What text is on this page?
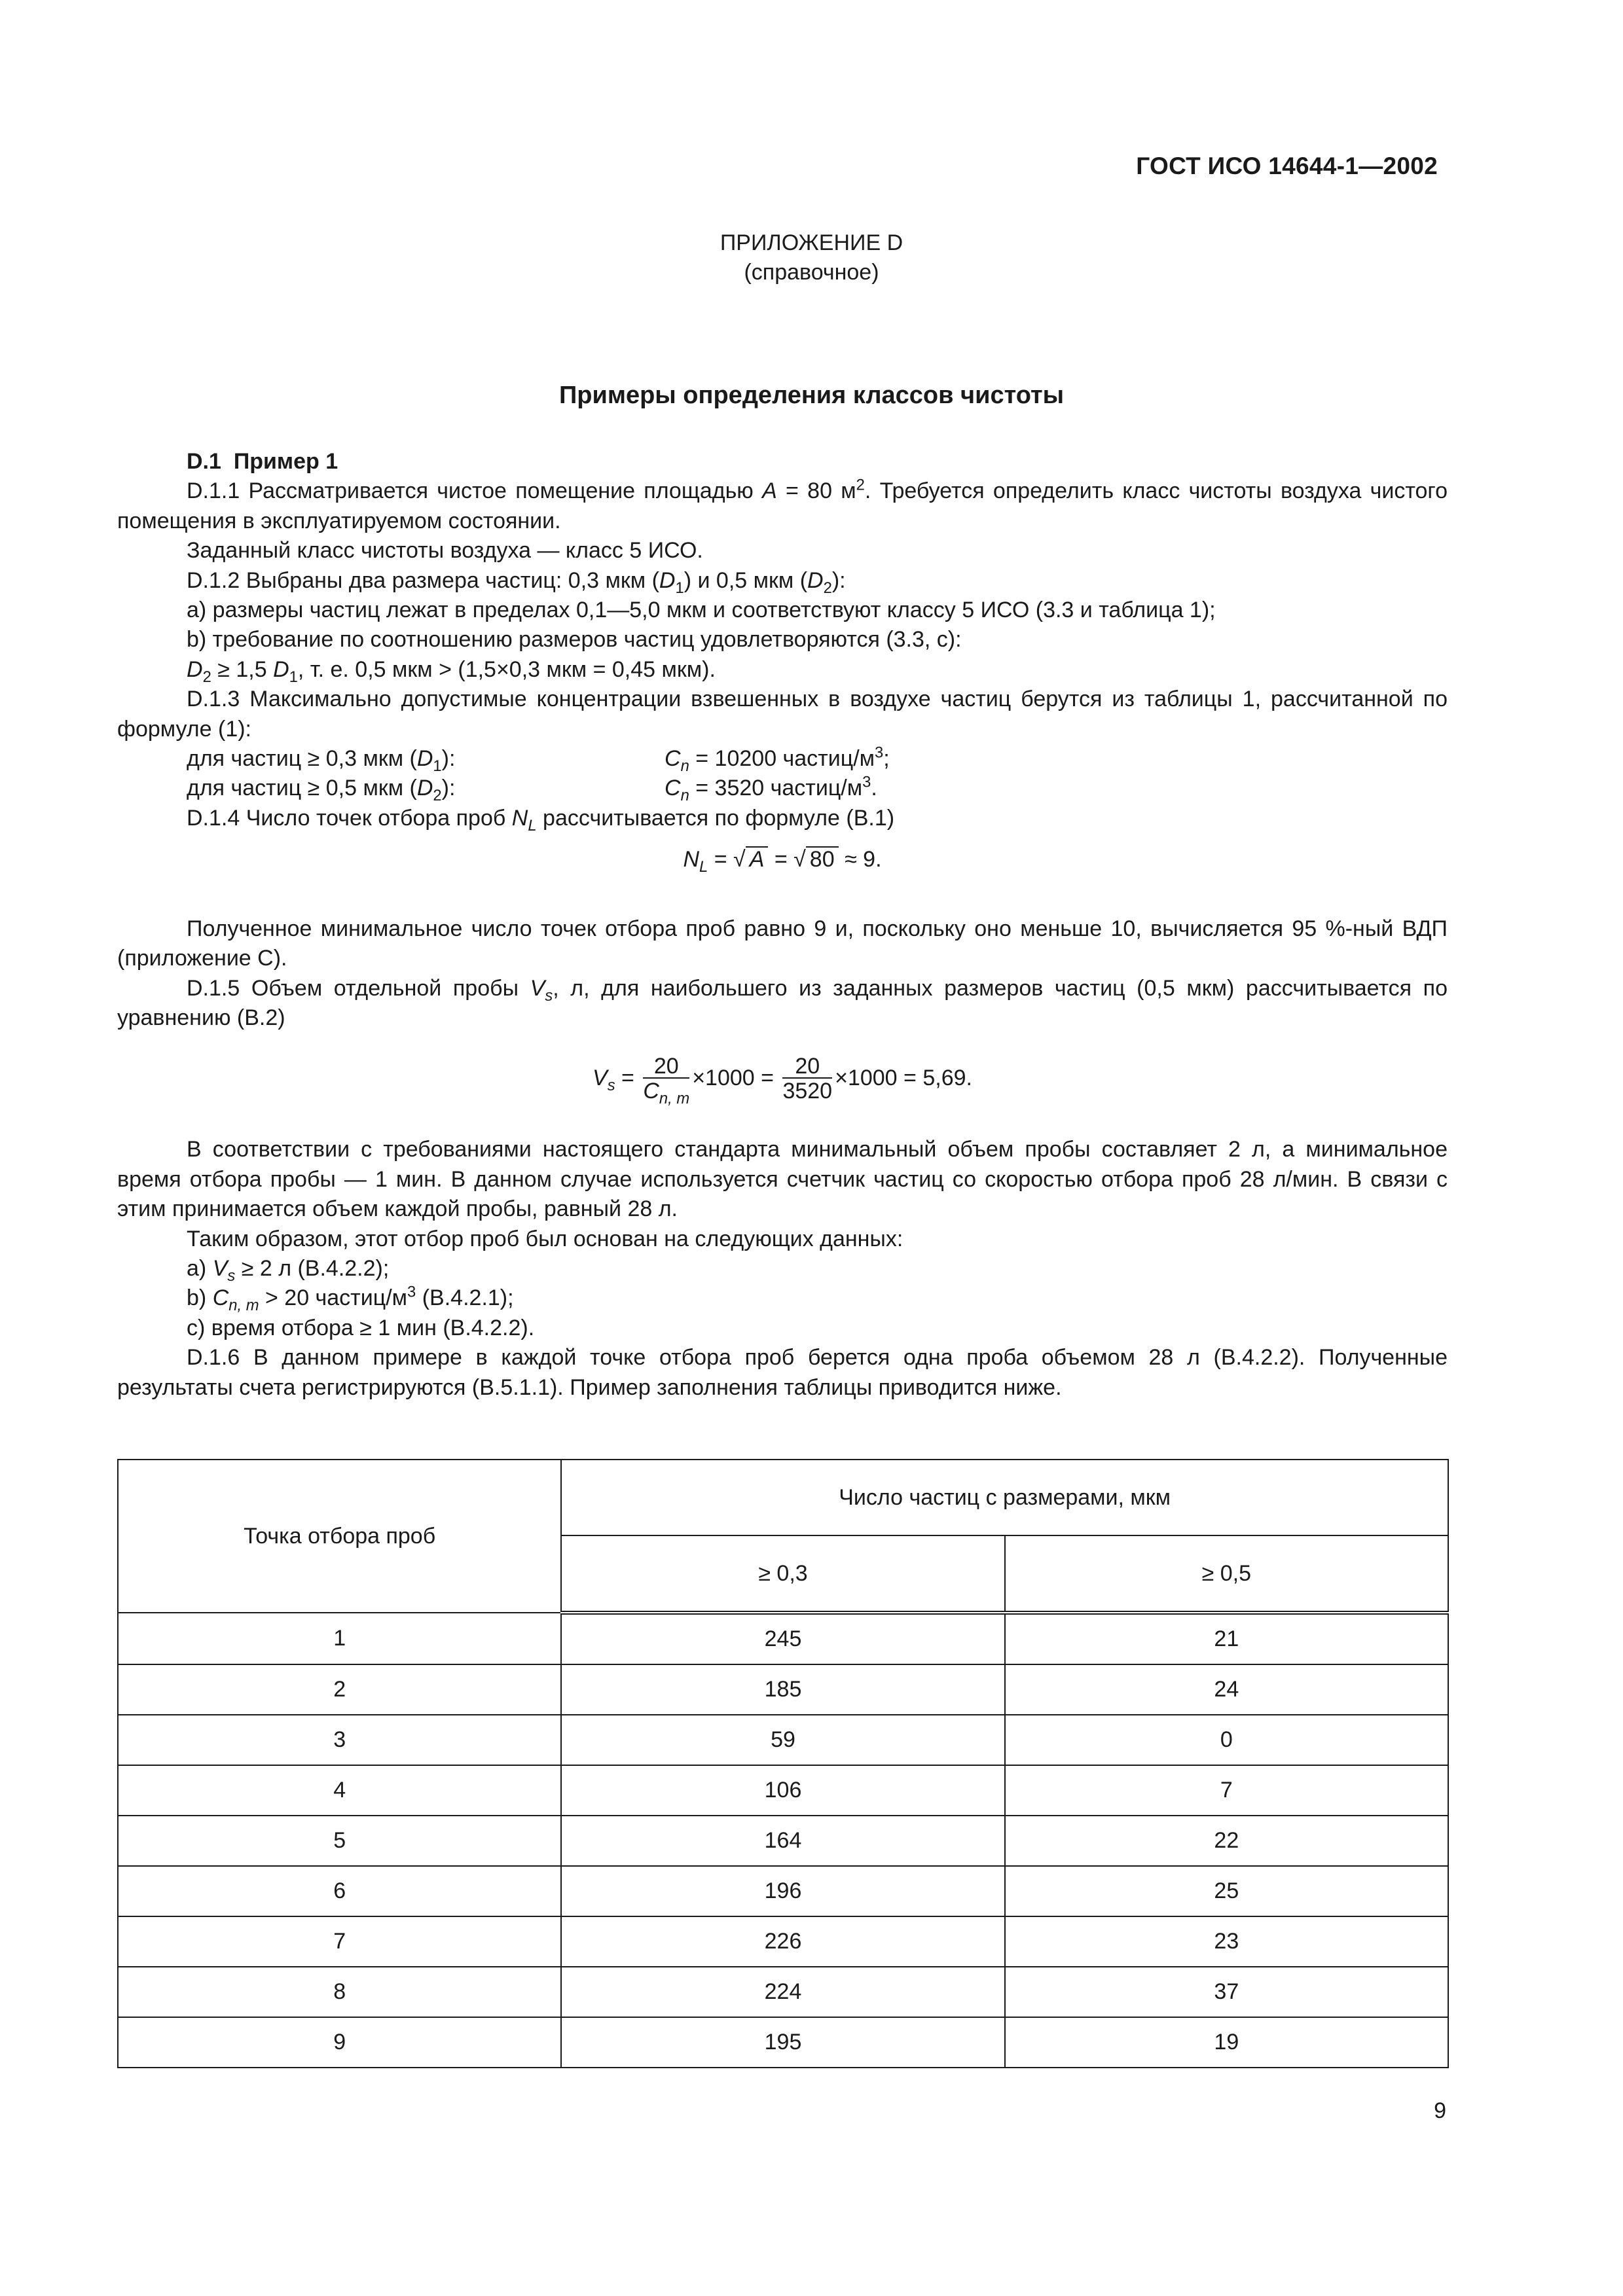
ГОСТ ИСО 14644-1—2002
ПРИЛОЖЕНИЕ D
(справочное)
Примеры определения классов чистоты

D.1 Пример 1

D.1.1 Рассматривается чистое помещение площадью A = 80 $м^2$. Требуется определить класс чистоты воздуха чистого помещения в эксплуатируемом состоянии.

Заданный класс чистоты воздуха — класс 5 ИСО.

D.1.2 Выбраны два размера частиц: 0,3 мкм $(D_1)$ и 0,5 мкм $(D_2)$:

а) размеры частиц лежат в пределах 0,1—5,0 мкм и соответствуют классу 5 ИСО (3.3 и таблица 1);

b) требование по соотношению размеров частиц удовлетворяются (3.3, с):

$D_2 \ge 1,5$ $D_1$, т. е. 0,5 мкм > (1,5×0,3 мкм = 0,45 мкм).

D.1.3 Максимально допустимые концентрации взвешенных в воздухе частиц берутся из таблицы 1, рассчитанной по формуле (1):

для частиц ≥ 0,3 мкм $(D_1)$:	$C_n = 10200$ частиц/$м^3$;
для частиц ≥ 0,5 мкм $(D_2)$:	$C_n = 3520$ частиц/$м^3$.

D.1.4 Число точек отбора проб $N_L$ рассчитывается по формуле (В.1)

$N_L$ = √ A = √ 80 ≈ 9.

Полученное минимальное число точек отбора проб равно 9 и, поскольку оно меньше 10, вычисляется 95 %-ный ВДП (приложение С).

D.1.5 Объем отдельной пробы $V_s$, л, для наибольшего из заданных размеров частиц (0,5 мкм) рассчитывается по уравнению (В.2)

$V_s = \frac{20}{C_{n, m}} \times 1000 = \frac{20}{3520} \times 1000 = 5,69$.

В соответствии с требованиями настоящего стандарта минимальный объем пробы составляет 2 л, а минимальное время отбора пробы — 1 мин. В данном случае используется счетчик частиц со скоростью отбора проб 28 л/мин. В связи с этим принимается объем каждой пробы, равный 28 л.

Таким образом, этот отбор проб был основан на следующих данных:

а) $V_s \ge 2$ л (В.4.2.2);

b) $C_{n, m} > 20$ частиц/$м^3$ (В.4.2.1);

с) время отбора ≥ 1 мин (В.4.2.2).

D.1.6 В данном примере в каждой точке отбора проб берется одна проба объемом 28 л (В.4.2.2). Полученные результаты счета регистрируются (В.5.1.1). Пример заполнения таблицы приводится ниже.

Точка отбора проб	Число частиц с размерами, мкм	
	≥ 0,3	≥ 0,5
1	245	21
2	185	24
3	59	0
4	106	7
5	164	22
6	196	25
7	226	23
8	224	37
9	195	19
9
